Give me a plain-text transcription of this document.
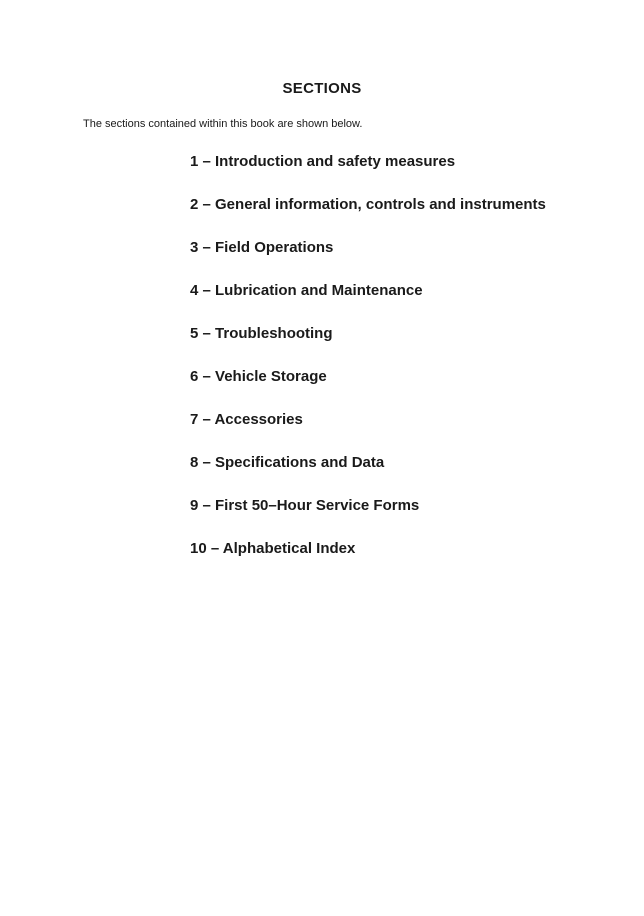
SECTIONS

The sections contained within this book are shown below.

1 – Introduction and safety measures
2 – General information, controls and instruments
3 – Field Operations
4 – Lubrication and Maintenance
5 – Troubleshooting
6 – Vehicle Storage
7 – Accessories
8 – Specifications and Data
9 – First 50–Hour Service Forms
10 – Alphabetical Index
